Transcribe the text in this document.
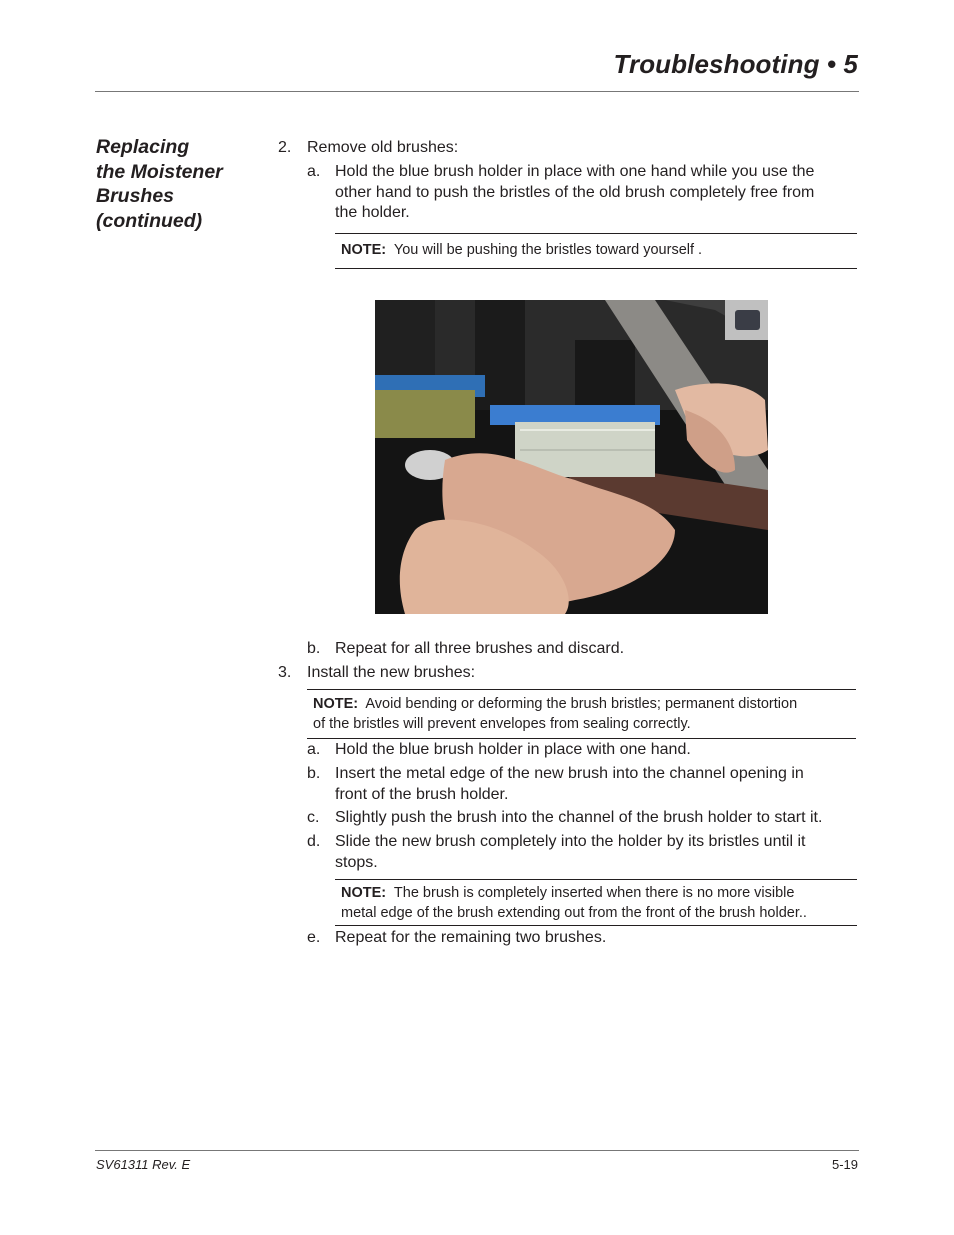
Troubleshooting • 5
Replacing
the Moistener
Brushes
(continued)
2. Remove old brushes:
a. Hold the blue brush holder in place with one hand while you use the
other hand to push the bristles of the old brush completely free from
the holder.
NOTE: You will be pushing the bristles toward yourself .
b. Repeat for all three brushes and discard.
3. Install the new brushes:
NOTE: Avoid bending or deforming the brush bristles; permanent distortion
of the bristles will prevent envelopes from sealing correctly.
a. Hold the blue brush holder in place with one hand.
b. Insert the metal edge of the new brush into the channel opening in
front of the brush holder.
c. Slightly push the brush into the channel of the brush holder to start it.
d. Slide the new brush completely into the holder by its bristles until it
stops.
NOTE: The brush is completely inserted when there is no more visible
metal edge of the brush extending out from the front of the brush holder..
e. Repeat for the remaining two brushes.
SV61311 Rev. E	5-19
